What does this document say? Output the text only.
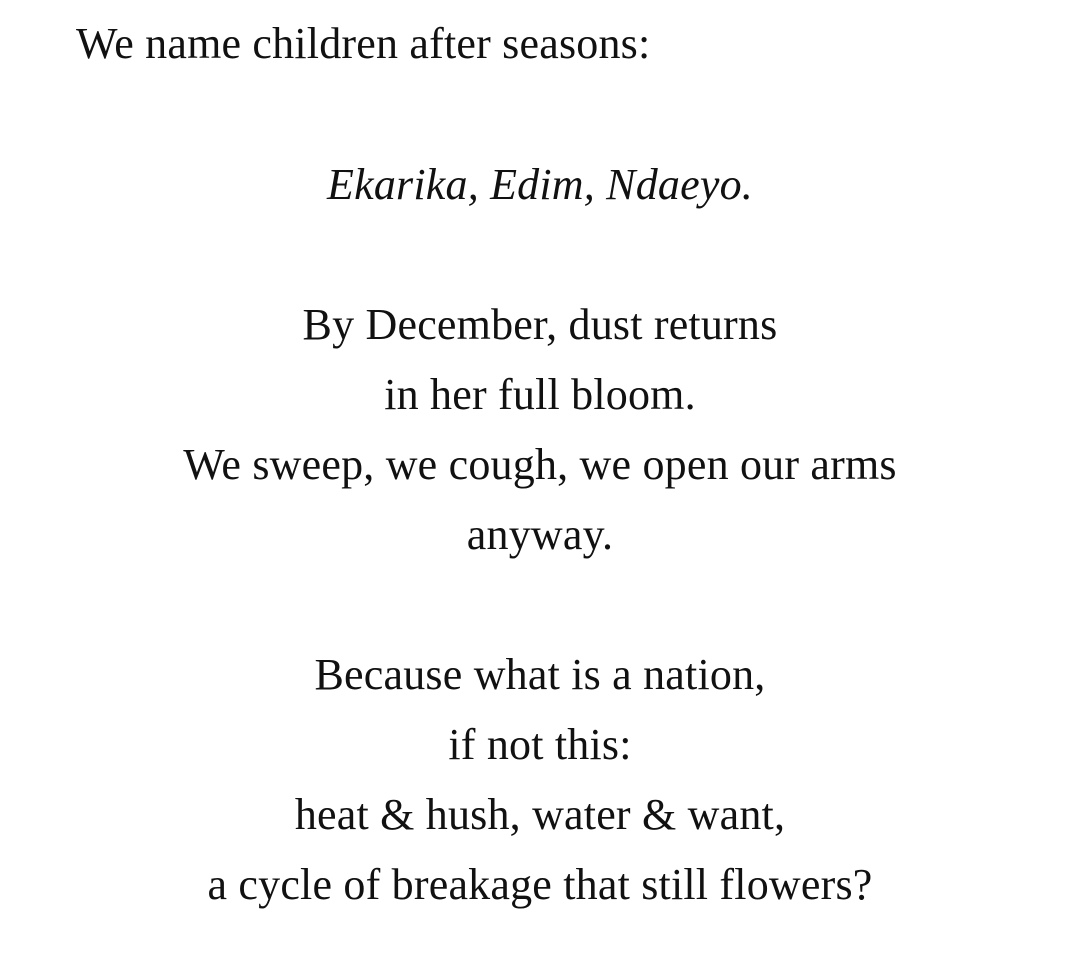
We name children after seasons:
Ekarika, Edim, Ndaeyo.
By December, dust returns
in her full bloom.
We sweep, we cough, we open our arms
anyway.
Because what is a nation,
if not this:
heat & hush, water & want,
a cycle of breakage that still flowers?
